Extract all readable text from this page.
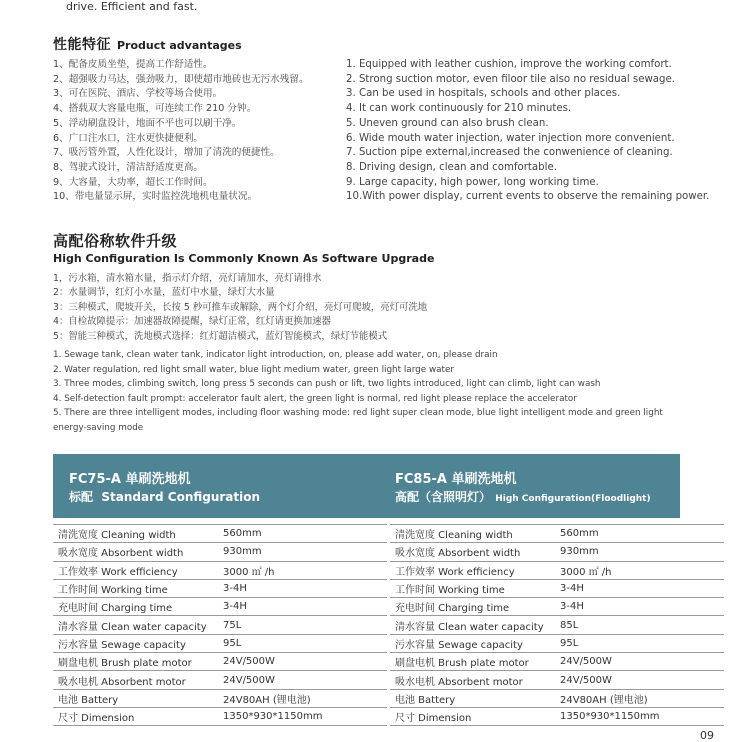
drive. Efficient and fast.
性能特征 Product advantages
1、配备皮质坐垫，提高工作舒适性。
2、超强吸力马达，强劲吸力，即使超市地砖也无污水残留。
3、可在医院、酒店、学校等场合使用。
4、搭载双大容量电瓶，可连续工作 210 分钟。
5、浮动刷盘设计，地面不平也可以刷干净。
6、广口注水口，注水更快捷便利。
7、吸污管外置，人性化设计，增加了清洗的便捷性。
8、驾驶式设计，清洁舒适度更高。
9、大容量，大功率，超长工作时间。
10、带电量显示屏，实时监控洗地机电量状况。
1. Equipped with leather cushion, improve the working comfort.
2. Strong suction motor, even filoor tile also no residual sewage.
3. Can be used in hospitals, schools and other places.
4. It can work continuously for 210 minutes.
5. Uneven ground can also brush clean.
6. Wide mouth water injection, water injection more convenient.
7. Suction pipe external,increased the conwenience of cleaning.
8. Driving design, clean and comfortable.
9. Large capacity, high power, long working time.
10.With power display, current events to observe the remaining power.
高配俗称软件升级
High Configuration Is Commonly Known As Software Upgrade
1，污水箱，清水箱水量，指示灯介绍，亮灯请加水，亮灯请排水
2：水量调节，红灯小水量，蓝灯中水量，绿灯大水量
3：三种模式，爬坡开关，长按 5 秒可推车或解除，两个灯介绍，亮灯可爬坡，亮灯可洗地
4：自检故障提示：加速器故障提醒，绿灯正常，红灯请更换加速器
5：智能三种模式，洗地模式选择：红灯超洁模式，蓝灯智能模式，绿灯节能模式
1. Sewage tank, clean water tank, indicator light introduction, on, please add water, on, please drain
2. Water regulation, red light small water, blue light medium water, green light large water
3. Three modes, climbing switch, long press 5 seconds can push or lift, two lights introduced, light can climb, light can wash
4. Self-detection fault prompt: accelerator fault alert, the green light is normal, red light please replace the accelerator
5. There are three intelligent modes, including floor washing mode: red light super clean mode, blue light intelligent mode and green light energy-saving mode
FC75-A 单刷洗地机
标配 Standard Configuration
FC85-A 单刷洗地机
高配（含照明灯） High Configuration(Floodlight)
清洗宽度 Cleaning width	560mm
吸水宽度 Absorbent width	930mm
工作效率 Work efficiency	3000 ㎡ /h
工作时间 Working time	3-4H
充电时间 Charging time	3-4H
清水容量 Clean water capacity	75L
污水容量 Sewage capacity	95L
刷盘电机 Brush plate motor	24V/500W
吸水电机 Absorbent motor	24V/500W
电池 Battery	24V80AH (锂电池)
尺寸 Dimension	1350*930*1150mm
清洗宽度 Cleaning width	560mm
吸水宽度 Absorbent width	930mm
工作效率 Work efficiency	3000 ㎡ /h
工作时间 Working time	3-4H
充电时间 Charging time	3-4H
清水容量 Clean water capacity	85L
污水容量 Sewage capacity	95L
刷盘电机 Brush plate motor	24V/500W
吸水电机 Absorbent motor	24V/500W
电池 Battery	24V80AH (锂电池)
尺寸 Dimension	1350*930*1150mm
09
